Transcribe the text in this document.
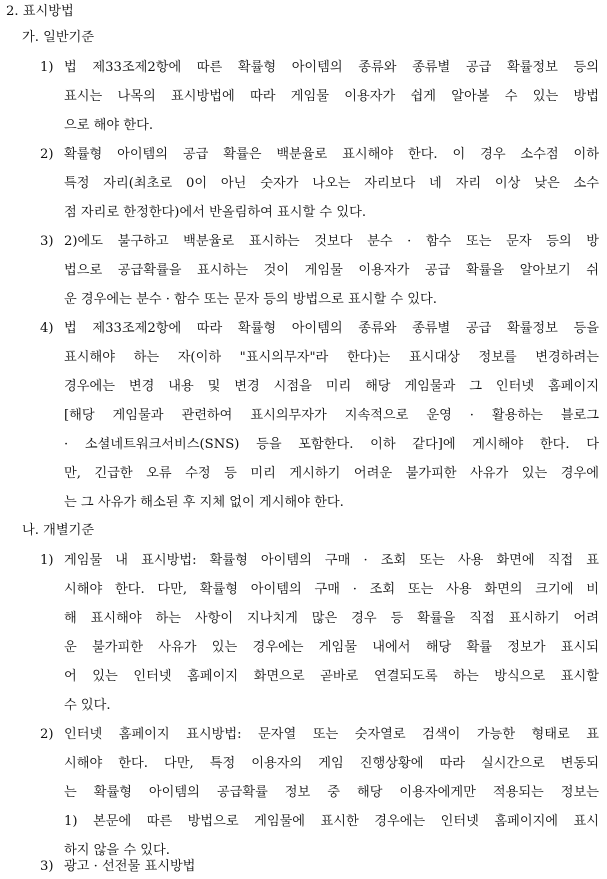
2. 표시방법
가. 일반기준
1) 법 제33조제2항에 따른 확률형 아이템의 종류와 종류별 공급 확률정보 등의
표시는 나목의 표시방법에 따라 게임물 이용자가 쉽게 알아볼 수 있는 방법
으로 해야 한다.
2) 확률형 아이템의 공급 확률은 백분율로 표시해야 한다. 이 경우 소수점 이하
특정 자리(최초로 0이 아닌 숫자가 나오는 자리보다 네 자리 이상 낮은 소수
점 자리로 한정한다)에서 반올림하여 표시할 수 있다.
3) 2)에도 불구하고 백분율로 표시하는 것보다 분수 · 함수 또는 문자 등의 방
법으로 공급확률을 표시하는 것이 게임물 이용자가 공급 확률을 알아보기 쉬
운 경우에는 분수 · 함수 또는 문자 등의 방법으로 표시할 수 있다.
4) 법 제33조제2항에 따라 확률형 아이템의 종류와 종류별 공급 확률정보 등을
표시해야 하는 자(이하 "표시의무자"라 한다)는 표시대상 정보를 변경하려는
경우에는 변경 내용 및 변경 시점을 미리 해당 게임물과 그 인터넷 홈페이지
[해당 게임물과 관련하여 표시의무자가 지속적으로 운영 · 활용하는 블로그
· 소셜네트워크서비스(SNS) 등을 포함한다. 이하 같다]에 게시해야 한다. 다
만, 긴급한 오류 수정 등 미리 게시하기 어려운 불가피한 사유가 있는 경우에
는 그 사유가 해소된 후 지체 없이 게시해야 한다.
나. 개별기준
1) 게임물 내 표시방법: 확률형 아이템의 구매 · 조회 또는 사용 화면에 직접 표
시해야 한다. 다만, 확률형 아이템의 구매 · 조회 또는 사용 화면의 크기에 비
해 표시해야 하는 사항이 지나치게 많은 경우 등 확률을 직접 표시하기 어려
운 불가피한 사유가 있는 경우에는 게임물 내에서 해당 확률 정보가 표시되
어 있는 인터넷 홈페이지 화면으로 곧바로 연결되도록 하는 방식으로 표시할
수 있다.
2) 인터넷 홈페이지 표시방법: 문자열 또는 숫자열로 검색이 가능한 형태로 표
시해야 한다. 다만, 특정 이용자의 게임 진행상황에 따라 실시간으로 변동되
는 확률형 아이템의 공급확률 정보 중 해당 이용자에게만 적용되는 정보는
1) 본문에 따른 방법으로 게임물에 표시한 경우에는 인터넷 홈페이지에 표시
하지 않을 수 있다.
3) 광고 · 선전물 표시방법
